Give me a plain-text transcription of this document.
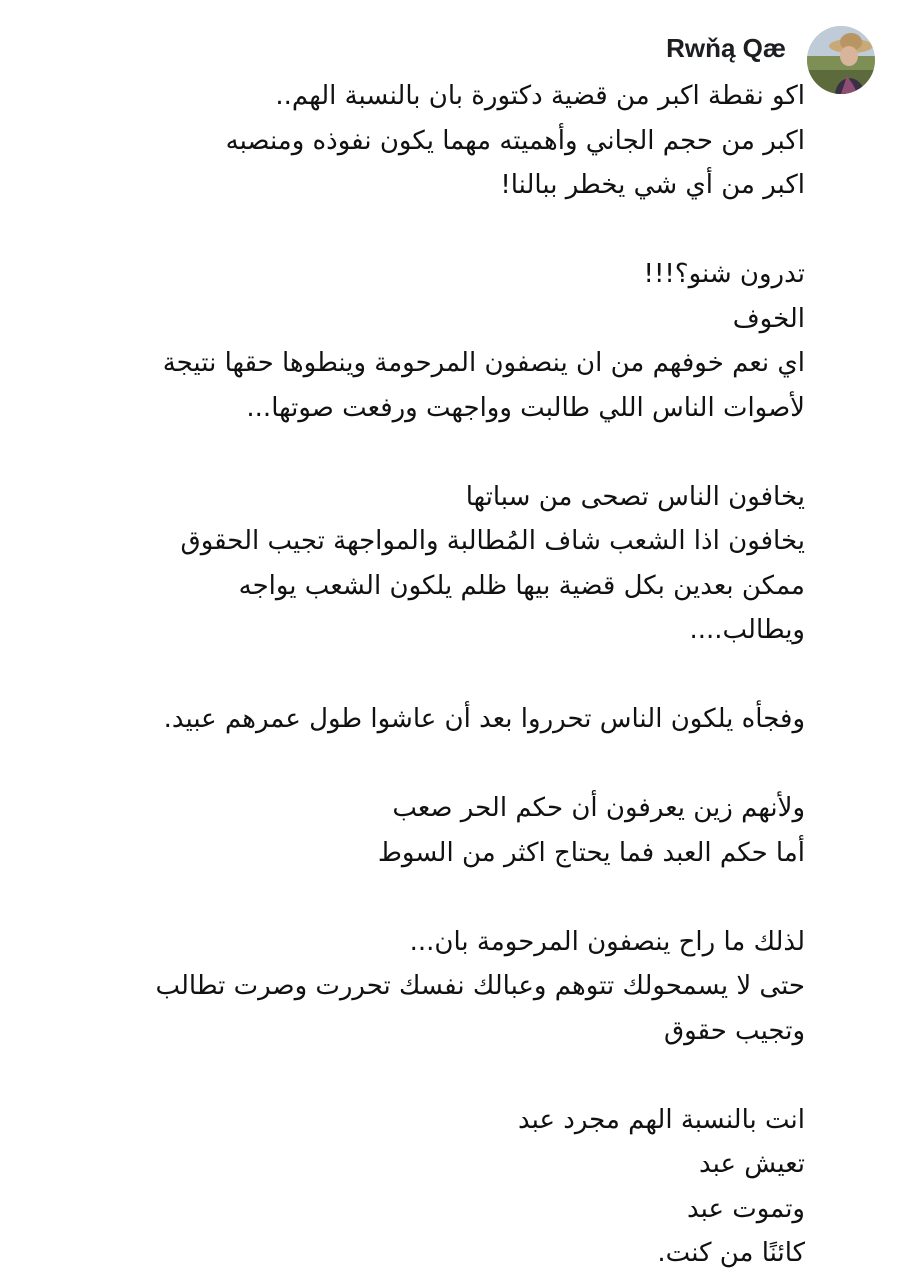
Rwňą Qæ
اكو نقطة اكبر من قضية دكتورة بان بالنسبة الهم..
اكبر من حجم الجاني وأهميته مهما يكون نفوذه ومنصبه
اكبر من أي شي يخطر ببالنا!
تدرون شنو؟!!!
الخوف
اي نعم خوفهم من ان ينصفون المرحومة وينطوها حقها نتيجة
لأصوات الناس اللي طالبت وواجهت ورفعت صوتها...
يخافون الناس تصحى من سباتها
يخافون اذا الشعب شاف المُطالبة والمواجهة تجيب الحقوق
ممكن بعدين بكل قضية بيها ظلم يلكون الشعب يواجه
ويطالب....
وفجأه يلكون الناس تحرروا بعد أن عاشوا طول عمرهم عبيد.
ولأنهم زين يعرفون أن حكم الحر صعب
أما حكم العبد فما يحتاج اكثر من السوط
لذلك ما راح ينصفون المرحومة بان...
حتى لا يسمحولك تتوهم وعبالك نفسك تحررت وصرت تطالب
وتجيب حقوق
انت بالنسبة الهم مجرد عبد
تعيش عبد
وتموت عبد
كائنًا من كنت.
